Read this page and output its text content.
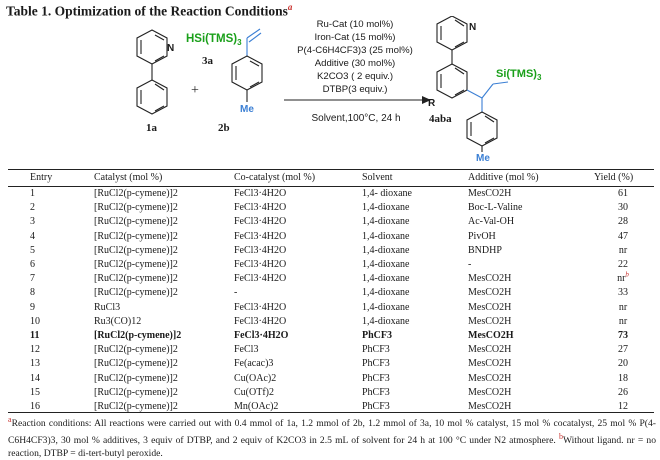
Table 1. Optimization of the Reaction Conditions$^a$
N
1a
$HSi(TMS)_3$
3a
+
Me
2b
Ru-Cat (10 mol%)
Iron-Cat (15 mol%)
P(4-C6H4CF3)3 (25 mol%)
Additive (30 mol%)
K2CO3 ( 2 equiv.)
DTBP(3 equiv.)
Solvent,100°C, 24 h
N
R
$Si(TMS)_3$
Me
4aba
Entry	Catalyst (mol %)	Co-catalyst (mol %)	Solvent	Additive (mol %)	Yield (%)
1	[RuCl2(p-cymene)]2	FeCl3·4H2O	1,4- dioxane	MesCO2H	61
2	[RuCl2(p-cymene)]2	FeCl3·4H2O	1,4-dioxane	Boc-L-Valine	30
3	[RuCl2(p-cymene)]2	FeCl3·4H2O	1,4-dioxane	Ac-Val-OH	28
4	[RuCl2(p-cymene)]2	FeCl3·4H2O	1,4-dioxane	PivOH	47
5	[RuCl2(p-cymene)]2	FeCl3·4H2O	1,4-dioxane	BNDHP	nr
6	[RuCl2(p-cymene)]2	FeCl3·4H2O	1,4-dioxane	-	22
7	[RuCl2(p-cymene)]2	FeCl3·4H2O	1,4-dioxane	MesCO2H	$nr^b$
8	[RuCl2(p-cymene)]2	-	1,4-dioxane	MesCO2H	33
9	RuCl3	FeCl3·4H2O	1,4-dioxane	MesCO2H	nr
10	Ru3(CO)12	FeCl3·4H2O	1,4-dioxane	MesCO2H	nr
11	[RuCl2(p-cymene)]2	FeCl3·4H2O	PhCF3	MesCO2H	73
12	[RuCl2(p-cymene)]2	FeCl3	PhCF3	MesCO2H	27
13	[RuCl2(p-cymene)]2	Fe(acac)3	PhCF3	MesCO2H	20
14	[RuCl2(p-cymene)]2	Cu(OAc)2	PhCF3	MesCO2H	18
15	[RuCl2(p-cymene)]2	Cu(OTf)2	PhCF3	MesCO2H	26
16	[RuCl2(p-cymene)]2	Mn(OAc)2	PhCF3	MesCO2H	12
$^a$Reaction conditions: All reactions were carried out with 0.4 mmol of 1a, 1.2 mmol of 2b, 1.2 mmol of 3a, 10 mol % catalyst, 15 mol % cocatalyst, 25 mol % P(4-C6H4CF3)3, 30 mol % additives, 3 equiv of DTBP, and 2 equiv of K2CO3 in 2.5 mL of solvent for 24 h at 100 °C under N2 atmosphere. $^b$Without ligand. nr = no reaction, DTBP = di-tert-butyl peroxide.
